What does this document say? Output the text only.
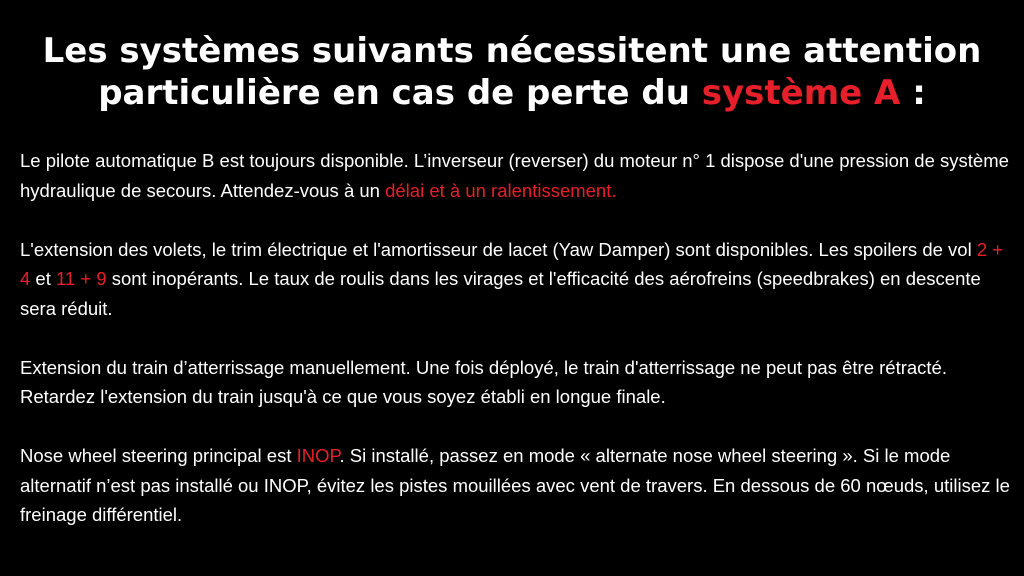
Les systèmes suivants nécessitent une attention
particulière en cas de perte du système A :

Le pilote automatique B est toujours disponible. L’inverseur (reverser) du moteur n° 1 dispose d'une pression de système hydraulique de secours. Attendez-vous à un délai et à un ralentissement.

L'extension des volets, le trim électrique et l'amortisseur de lacet (Yaw Damper) sont disponibles. Les spoilers de vol 2 + 4 et 11 + 9 sont inopérants. Le taux de roulis dans les virages et l'efficacité des aérofreins (speedbrakes) en descente sera réduit.

Extension du train d’atterrissage manuellement. Une fois déployé, le train d'atterrissage ne peut pas être rétracté. Retardez l'extension du train jusqu'à ce que vous soyez établi en longue finale.

Nose wheel steering principal est INOP. Si installé, passez en mode « alternate nose wheel steering ». Si le mode alternatif n’est pas installé ou INOP, évitez les pistes mouillées avec vent de travers. En dessous de 60 nœuds, utilisez le freinage différentiel.
